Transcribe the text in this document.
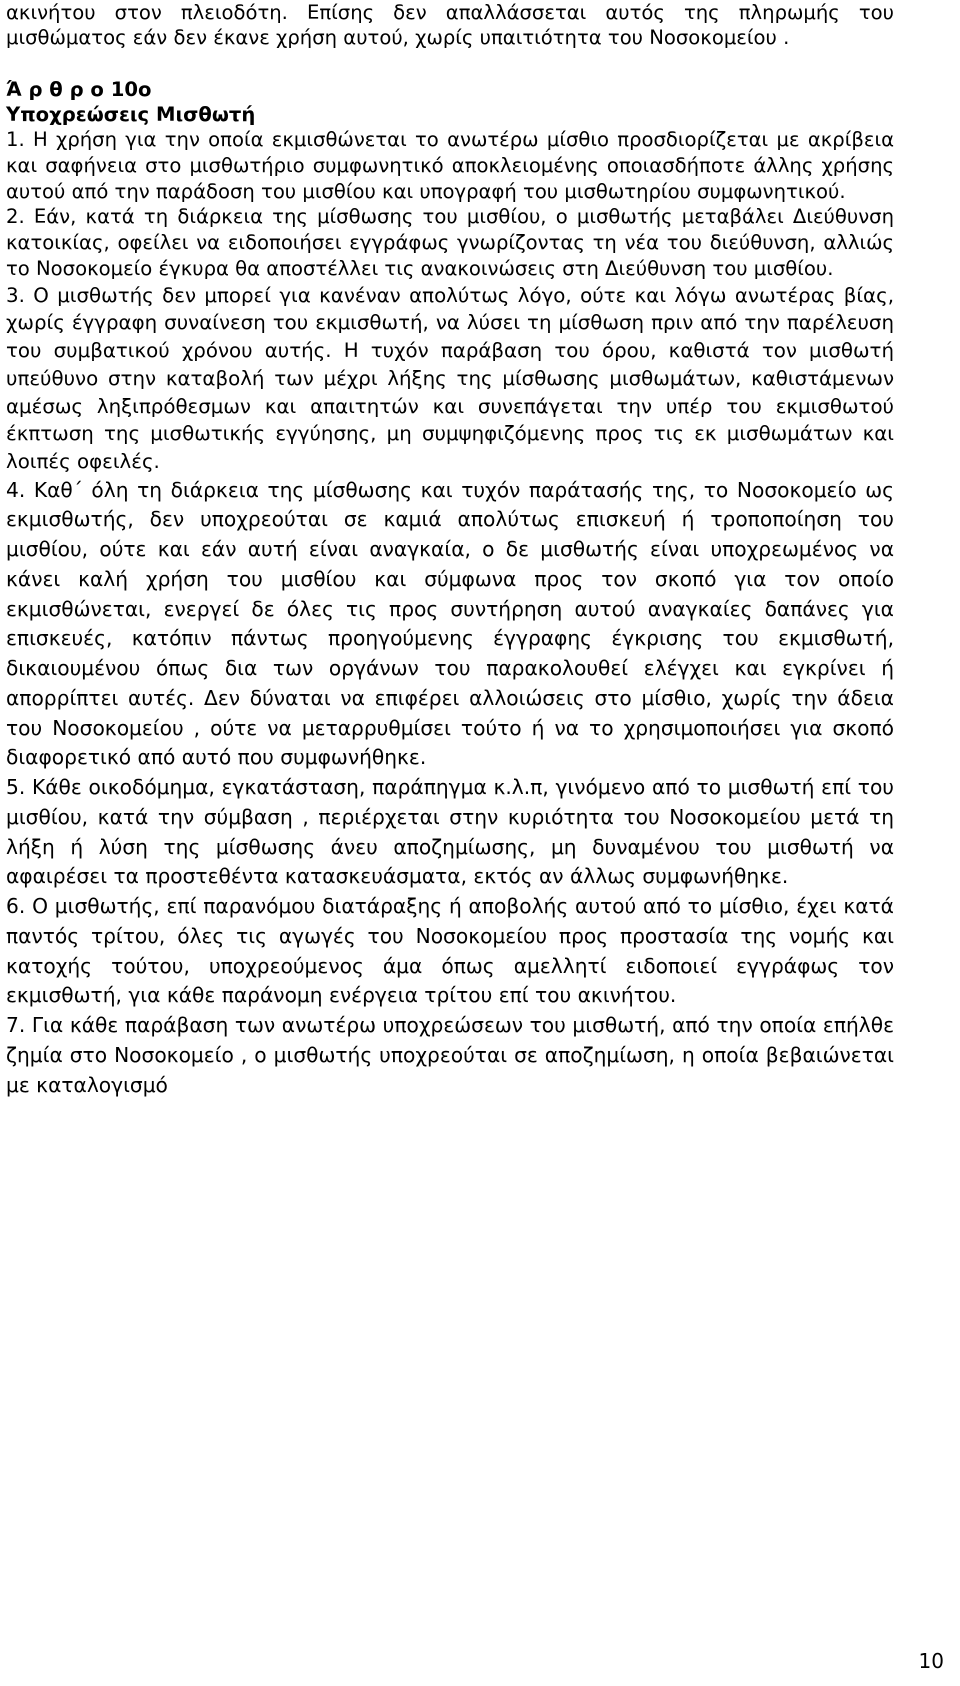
ακινήτου στον πλειοδότη. Επίσης δεν απαλλάσσεται αυτός της πληρωμής του μισθώματος εάν δεν έκανε χρήση αυτού, χωρίς υπαιτιότητα του Νοσοκομείου .

Ά ρ θ ρ ο 10ο

Υποχρεώσεις Μισθωτή

1. Η χρήση για την οποία εκμισθώνεται το ανωτέρω μίσθιο προσδιορίζεται με ακρίβεια και σαφήνεια στο μισθωτήριο συμφωνητικό αποκλειομένης οποιασδήποτε άλλης χρήσης αυτού από την παράδοση του μισθίου και υπογραφή του μισθωτηρίου συμφωνητικού.

2. Εάν, κατά τη διάρκεια της μίσθωσης του μισθίου, ο μισθωτής μεταβάλει Διεύθυνση κατοικίας, οφείλει να ειδοποιήσει εγγράφως γνωρίζοντας τη νέα του διεύθυνση, αλλιώς το Νοσοκομείο έγκυρα θα αποστέλλει τις ανακοινώσεις στη Διεύθυνση του μισθίου.

3. Ο μισθωτής δεν μπορεί για κανέναν απολύτως λόγο, ούτε και λόγω ανωτέρας βίας, χωρίς έγγραφη συναίνεση του εκμισθωτή, να λύσει τη μίσθωση πριν από την παρέλευση του συμβατικού χρόνου αυτής. Η τυχόν παράβαση του όρου, καθιστά τον μισθωτή υπεύθυνο στην καταβολή των μέχρι λήξης της μίσθωσης μισθωμάτων, καθιστάμενων αμέσως ληξιπρόθεσμων και απαιτητών και συνεπάγεται την υπέρ του εκμισθωτού έκπτωση της μισθωτικής εγγύησης, μη συμψηφιζόμενης προς τις εκ μισθωμάτων και λοιπές οφειλές.

4. Καθ΄ όλη τη διάρκεια της μίσθωσης και τυχόν παράτασής της, το Νοσοκομείο ως εκμισθωτής, δεν υποχρεούται σε καμιά απολύτως επισκευή ή τροποποίηση του μισθίου, ούτε και εάν αυτή είναι αναγκαία, ο δε μισθωτής είναι υποχρεωμένος να κάνει καλή χρήση του μισθίου και σύμφωνα προς τον σκοπό για τον οποίο εκμισθώνεται, ενεργεί δε όλες τις προς συντήρηση αυτού αναγκαίες δαπάνες για επισκευές, κατόπιν πάντως προηγούμενης έγγραφης έγκρισης του εκμισθωτή, δικαιουμένου όπως δια των οργάνων του παρακολουθεί ελέγχει και εγκρίνει ή απορρίπτει αυτές. Δεν δύναται να επιφέρει αλλοιώσεις στο μίσθιο, χωρίς την άδεια του Νοσοκομείου , ούτε να μεταρρυθμίσει τούτο ή να το χρησιμοποιήσει για σκοπό διαφορετικό από αυτό που συμφωνήθηκε.

5. Κάθε οικοδόμημα, εγκατάσταση, παράπηγμα κ.λ.π, γινόμενο από το μισθωτή επί του μισθίου, κατά την σύμβαση , περιέρχεται στην κυριότητα του Νοσοκομείου μετά τη λήξη ή λύση της μίσθωσης άνευ αποζημίωσης, μη δυναμένου του μισθωτή να αφαιρέσει τα προστεθέντα κατασκευάσματα, εκτός αν άλλως συμφωνήθηκε.

6. Ο μισθωτής, επί παρανόμου διατάραξης ή αποβολής αυτού από το μίσθιο, έχει κατά παντός τρίτου, όλες τις αγωγές του Νοσοκομείου προς προστασία της νομής και κατοχής τούτου, υποχρεούμενος άμα όπως αμελλητί ειδοποιεί εγγράφως τον εκμισθωτή, για κάθε παράνομη ενέργεια τρίτου επί του ακινήτου.

7. Για κάθε παράβαση των ανωτέρω υποχρεώσεων του μισθωτή, από την οποία επήλθε ζημία στο Νοσοκομείο , ο μισθωτής υποχρεούται σε αποζημίωση, η οποία βεβαιώνεται με καταλογισμό

10
